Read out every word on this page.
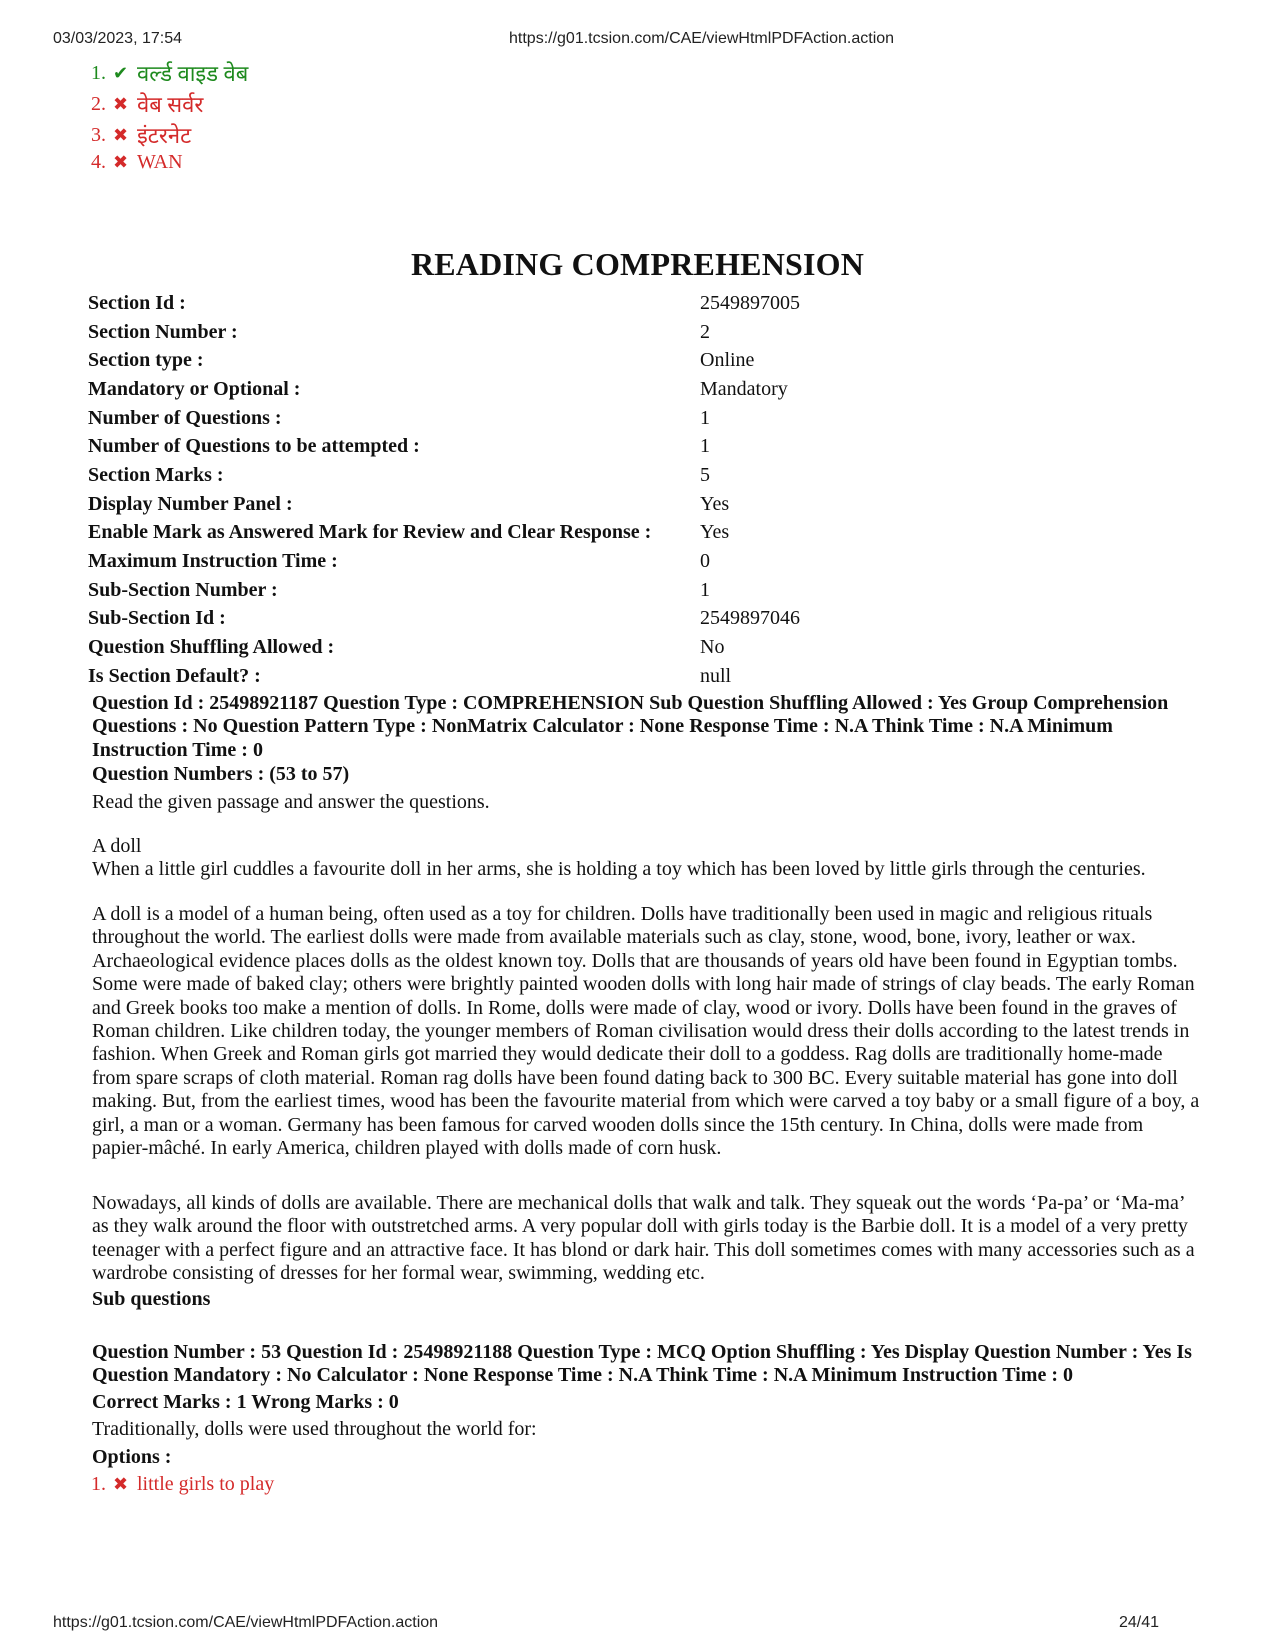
03/03/2023, 17:54	https://g01.tcsion.com/CAE/viewHtmlPDFAction.action
1. ✔ वर्ल्ड वाइड वेब
2. ✖ वेब सर्वर
3. ✖ इंटरनेट
4. ✖ WAN
READING COMPREHENSION
Section Id :	2549897005
Section Number :	2
Section type :	Online
Mandatory or Optional :	Mandatory
Number of Questions :	1
Number of Questions to be attempted :	1
Section Marks :	5
Display Number Panel :	Yes
Enable Mark as Answered Mark for Review and Clear Response :	Yes
Maximum Instruction Time :	0
Sub-Section Number :	1
Sub-Section Id :	2549897046
Question Shuffling Allowed :	No
Is Section Default? :	null
Question Id : 25498921187 Question Type : COMPREHENSION Sub Question Shuffling Allowed : Yes Group Comprehension Questions : No Question Pattern Type : NonMatrix Calculator : None Response Time : N.A Think Time : N.A Minimum Instruction Time : 0
Question Numbers : (53 to 57)
Read the given passage and answer the questions.
A doll
When a little girl cuddles a favourite doll in her arms, she is holding a toy which has been loved by little girls through the centuries.
A doll is a model of a human being, often used as a toy for children. Dolls have traditionally been used in magic and religious rituals throughout the world. The earliest dolls were made from available materials such as clay, stone, wood, bone, ivory, leather or wax. Archaeological evidence places dolls as the oldest known toy. Dolls that are thousands of years old have been found in Egyptian tombs. Some were made of baked clay; others were brightly painted wooden dolls with long hair made of strings of clay beads. The early Roman and Greek books too make a mention of dolls. In Rome, dolls were made of clay, wood or ivory. Dolls have been found in the graves of Roman children. Like children today, the younger members of Roman civilisation would dress their dolls according to the latest trends in fashion. When Greek and Roman girls got married they would dedicate their doll to a goddess. Rag dolls are traditionally home-made from spare scraps of cloth material. Roman rag dolls have been found dating back to 300 BC. Every suitable material has gone into doll making. But, from the earliest times, wood has been the favourite material from which were carved a toy baby or a small figure of a boy, a girl, a man or a woman. Germany has been famous for carved wooden dolls since the 15th century. In China, dolls were made from papier-mâché. In early America, children played with dolls made of corn husk.
Nowadays, all kinds of dolls are available. There are mechanical dolls that walk and talk. They squeak out the words ‘Pa-pa’ or ‘Ma-ma’ as they walk around the floor with outstretched arms. A very popular doll with girls today is the Barbie doll. It is a model of a very pretty teenager with a perfect figure and an attractive face. It has blond or dark hair. This doll sometimes comes with many accessories such as a wardrobe consisting of dresses for her formal wear, swimming, wedding etc.
Sub questions
Question Number : 53 Question Id : 25498921188 Question Type : MCQ Option Shuffling : Yes Display Question Number : Yes Is Question Mandatory : No Calculator : None Response Time : N.A Think Time : N.A Minimum Instruction Time : 0
Correct Marks : 1 Wrong Marks : 0
Traditionally, dolls were used throughout the world for:
Options :
1. ✖ little girls to play
https://g01.tcsion.com/CAE/viewHtmlPDFAction.action	24/41
